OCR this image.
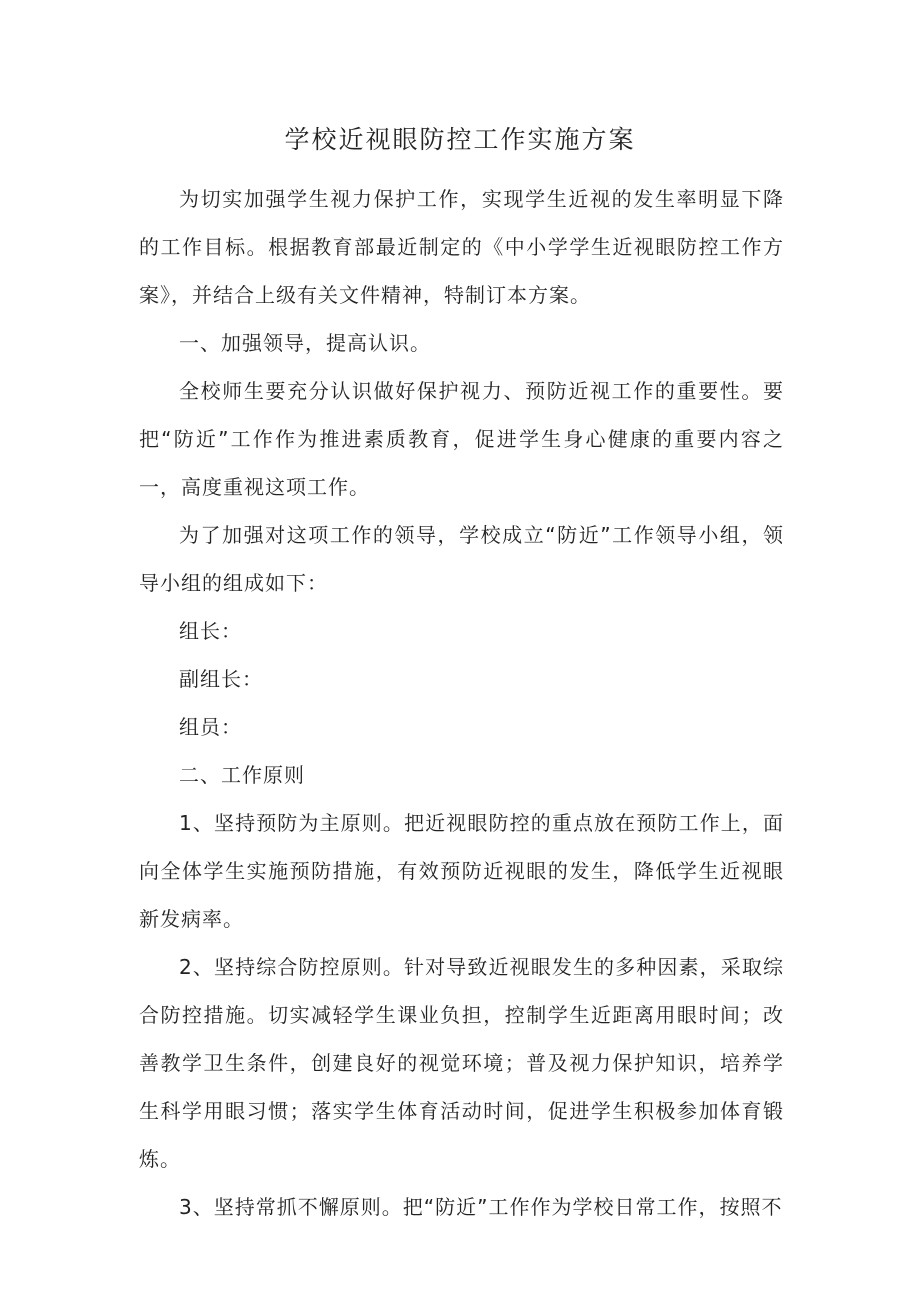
学校近视眼防控工作实施方案

为切实加强学生视力保护工作，实现学生近视的发生率明显下降的工作目标。根据教育部最近制定的《中小学学生近视眼防控工作方案》，并结合上级有关文件精神，特制订本方案。

一、加强领导，提高认识。

全校师生要充分认识做好保护视力、预防近视工作的重要性。要把“防近”工作作为推进素质教育，促进学生身心健康的重要内容之一，高度重视这项工作。

为了加强对这项工作的领导，学校成立“防近”工作领导小组，领导小组的组成如下：

组长：

副组长：

组员：

二、工作原则

1、坚持预防为主原则。把近视眼防控的重点放在预防工作上，面向全体学生实施预防措施，有效预防近视眼的发生，降低学生近视眼新发病率。

2、坚持综合防控原则。针对导致近视眼发生的多种因素，采取综合防控措施。切实减轻学生课业负担，控制学生近距离用眼时间；改善教学卫生条件，创建良好的视觉环境；普及视力保护知识，培养学生科学用眼习惯；落实学生体育活动时间，促进学生积极参加体育锻炼。

3、坚持常抓不懈原则。把“防近”工作作为学校日常工作，按照不
